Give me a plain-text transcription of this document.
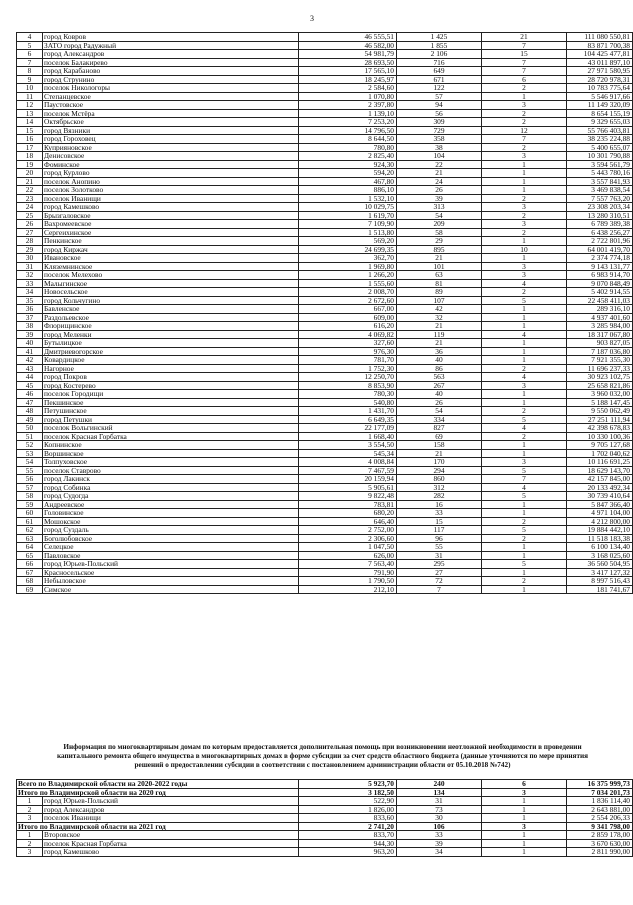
3
4	город Ковров	46 555,51	1 425	21	111 080 550,81
5	ЗАТО город Радужный	46 582,00	1 855	7	83 871 700,38
6	город Александров	54 981,79	2 106	15	104 425 477,81
7	поселок Балакирево	28 693,50	716	7	43 011 897,10
8	город Карабаново	17 565,10	649	7	27 971 580,95
9	город Струнино	18 245,97	671	6	28 720 978,31
10	поселок Никологоры	2 584,60	122	2	10 783 775,64
11	Степанцевское	1 070,80	57	1	5 546 917,66
12	Паустовское	2 397,80	94	3	11 149 320,09
13	поселок Мстёра	1 139,10	56	2	8 654 155,19
14	Октябрьское	7 253,20	309	2	9 329 655,03
15	город Вязники	14 796,50	729	12	55 766 403,81
16	город Гороховец	8 644,50	358	7	38 235 224,88
17	Куприяновское	780,80	38	2	5 400 655,07
18	Денисовское	2 825,40	104	3	10 301 790,88
19	Фоминское	924,30	22	1	3 594 561,79
20	город Курлово	594,20	21	1	5 443 780,16
21	поселок Анопино	467,80	24	1	3 557 841,93
22	поселок Золотково	886,10	26	1	3 469 838,54
23	поселок Иванищи	1 532,10	39	2	7 557 763,20
24	город Камешково	10 029,75	313	3	23 308 203,34
25	Брызгаловское	1 619,70	54	2	13 280 310,51
26	Вахромеевское	7 109,90	209	3	6 789 389,38
27	Сергеихинское	1 513,80	58	2	6 438 256,27
28	Пенкинское	569,20	29	1	2 722 801,96
29	город Киржач	24 699,35	895	10	64 001 419,70
30	Ивановское	362,70	21	1	2 374 774,18
31	Кляземнинское	1 969,80	101	3	9 143 131,77
32	поселок Мелехово	1 266,20	63	3	6 983 914,70
33	Малыгинское	1 555,60	81	4	9 070 848,49
34	Новосельское	2 008,70	89	2	5 402 914,55
35	город Кольчугино	2 672,60	107	5	22 458 411,03
36	Бавленское	667,00	42	1	289 316,10
37	Раздольевское	609,00	32	1	4 937 401,60
38	Флорищинское	616,20	21	1	3 285 984,00
39	город Меленки	4 069,82	119	4	18 317 067,80
40	Бутылицкое	327,60	21	1	903 827,05
41	Дмитриевогорское	976,30	36	1	7 187 036,80
42	Ковардицкое	781,70	40	1	7 921 355,30
43	Нагорное	1 752,30	86	2	11 696 237,33
44	город Покров	12 250,70	563	4	30 923 102,75
45	город Костерево	8 853,90	267	3	25 658 821,86
46	поселок Городищи	780,30	40	1	3 960 032,00
47	Пекшинское	540,80	26	1	5 188 147,45
48	Петушинское	1 431,70	54	2	9 550 062,49
49	город Петушки	6 649,35	334	5	27 251 111,94
50	поселок Вольгинский	22 177,09	827	4	42 398 678,83
51	поселок Красная Горбатка	1 668,40	69	2	10 330 100,36
52	Копнинское	3 554,50	158	1	9 705 127,68
53	Воршинское	545,34	21	1	1 702 040,62
54	Толпуховское	4 008,84	170	3	10 116 691,25
55	поселок Ставрово	7 467,59	294	5	18 629 143,70
56	город Лакинск	20 159,94	860	7	42 157 845,00
57	город Собинка	5 905,61	312	4	20 133 492,34
58	город Судогда	9 822,48	282	5	30 739 410,64
59	Андреевское	783,81	16	1	5 847 366,40
60	Головинское	680,20	33	1	4 971 104,00
61	Мошокское	646,40	15	2	4 212 800,00
62	город Суздаль	2 752,00	117	5	19 884 442,10
63	Боголюбовское	2 306,60	96	2	11 518 183,38
64	Селецкое	1 047,50	55	1	6 100 134,40
65	Павловское	626,00	31	1	3 168 025,60
66	город Юрьев-Польский	7 563,40	295	5	36 560 504,95
67	Красносельское	791,90	27	1	3 417 127,32
68	Небыловское	1 790,50	72	2	8 997 516,43
69	Симское	212,10	7	1	181 741,67
Информация по многоквартирным домам по которым предоставляется дополнительная помощь при возникновении неотложной необходимости в проведении капитального ремонта общего имущества в многоквартирных домах в форме субсидии за счет средств областного бюджета (данные уточняются по мере принятия решений о предоставлении субсидии в соответствии с постановлением администрации области от 05.10.2018 №742)
Всего по Владимирской области на 2020-2022 годы		5 923,70	240	6	16 375 999,73
Итого по Владимирской области на 2020 год		3 182,50	134	3	7 034 201,73
1	город Юрьев-Польский	522,90	31	1	1 836 114,40
2	город Александров	1 826,00	73	1	2 643 881,00
3	поселок Иванищи	833,60	30	1	2 554 206,33
Итого по Владимирской области на 2021 год		2 741,20	106	3	9 341 798,00
1	Второвское	833,70	33	1	2 859 178,00
2	поселок Красная Горбатка	944,30	39	1	3 670 630,00
3	город Камешково	963,20	34	1	2 811 990,00
